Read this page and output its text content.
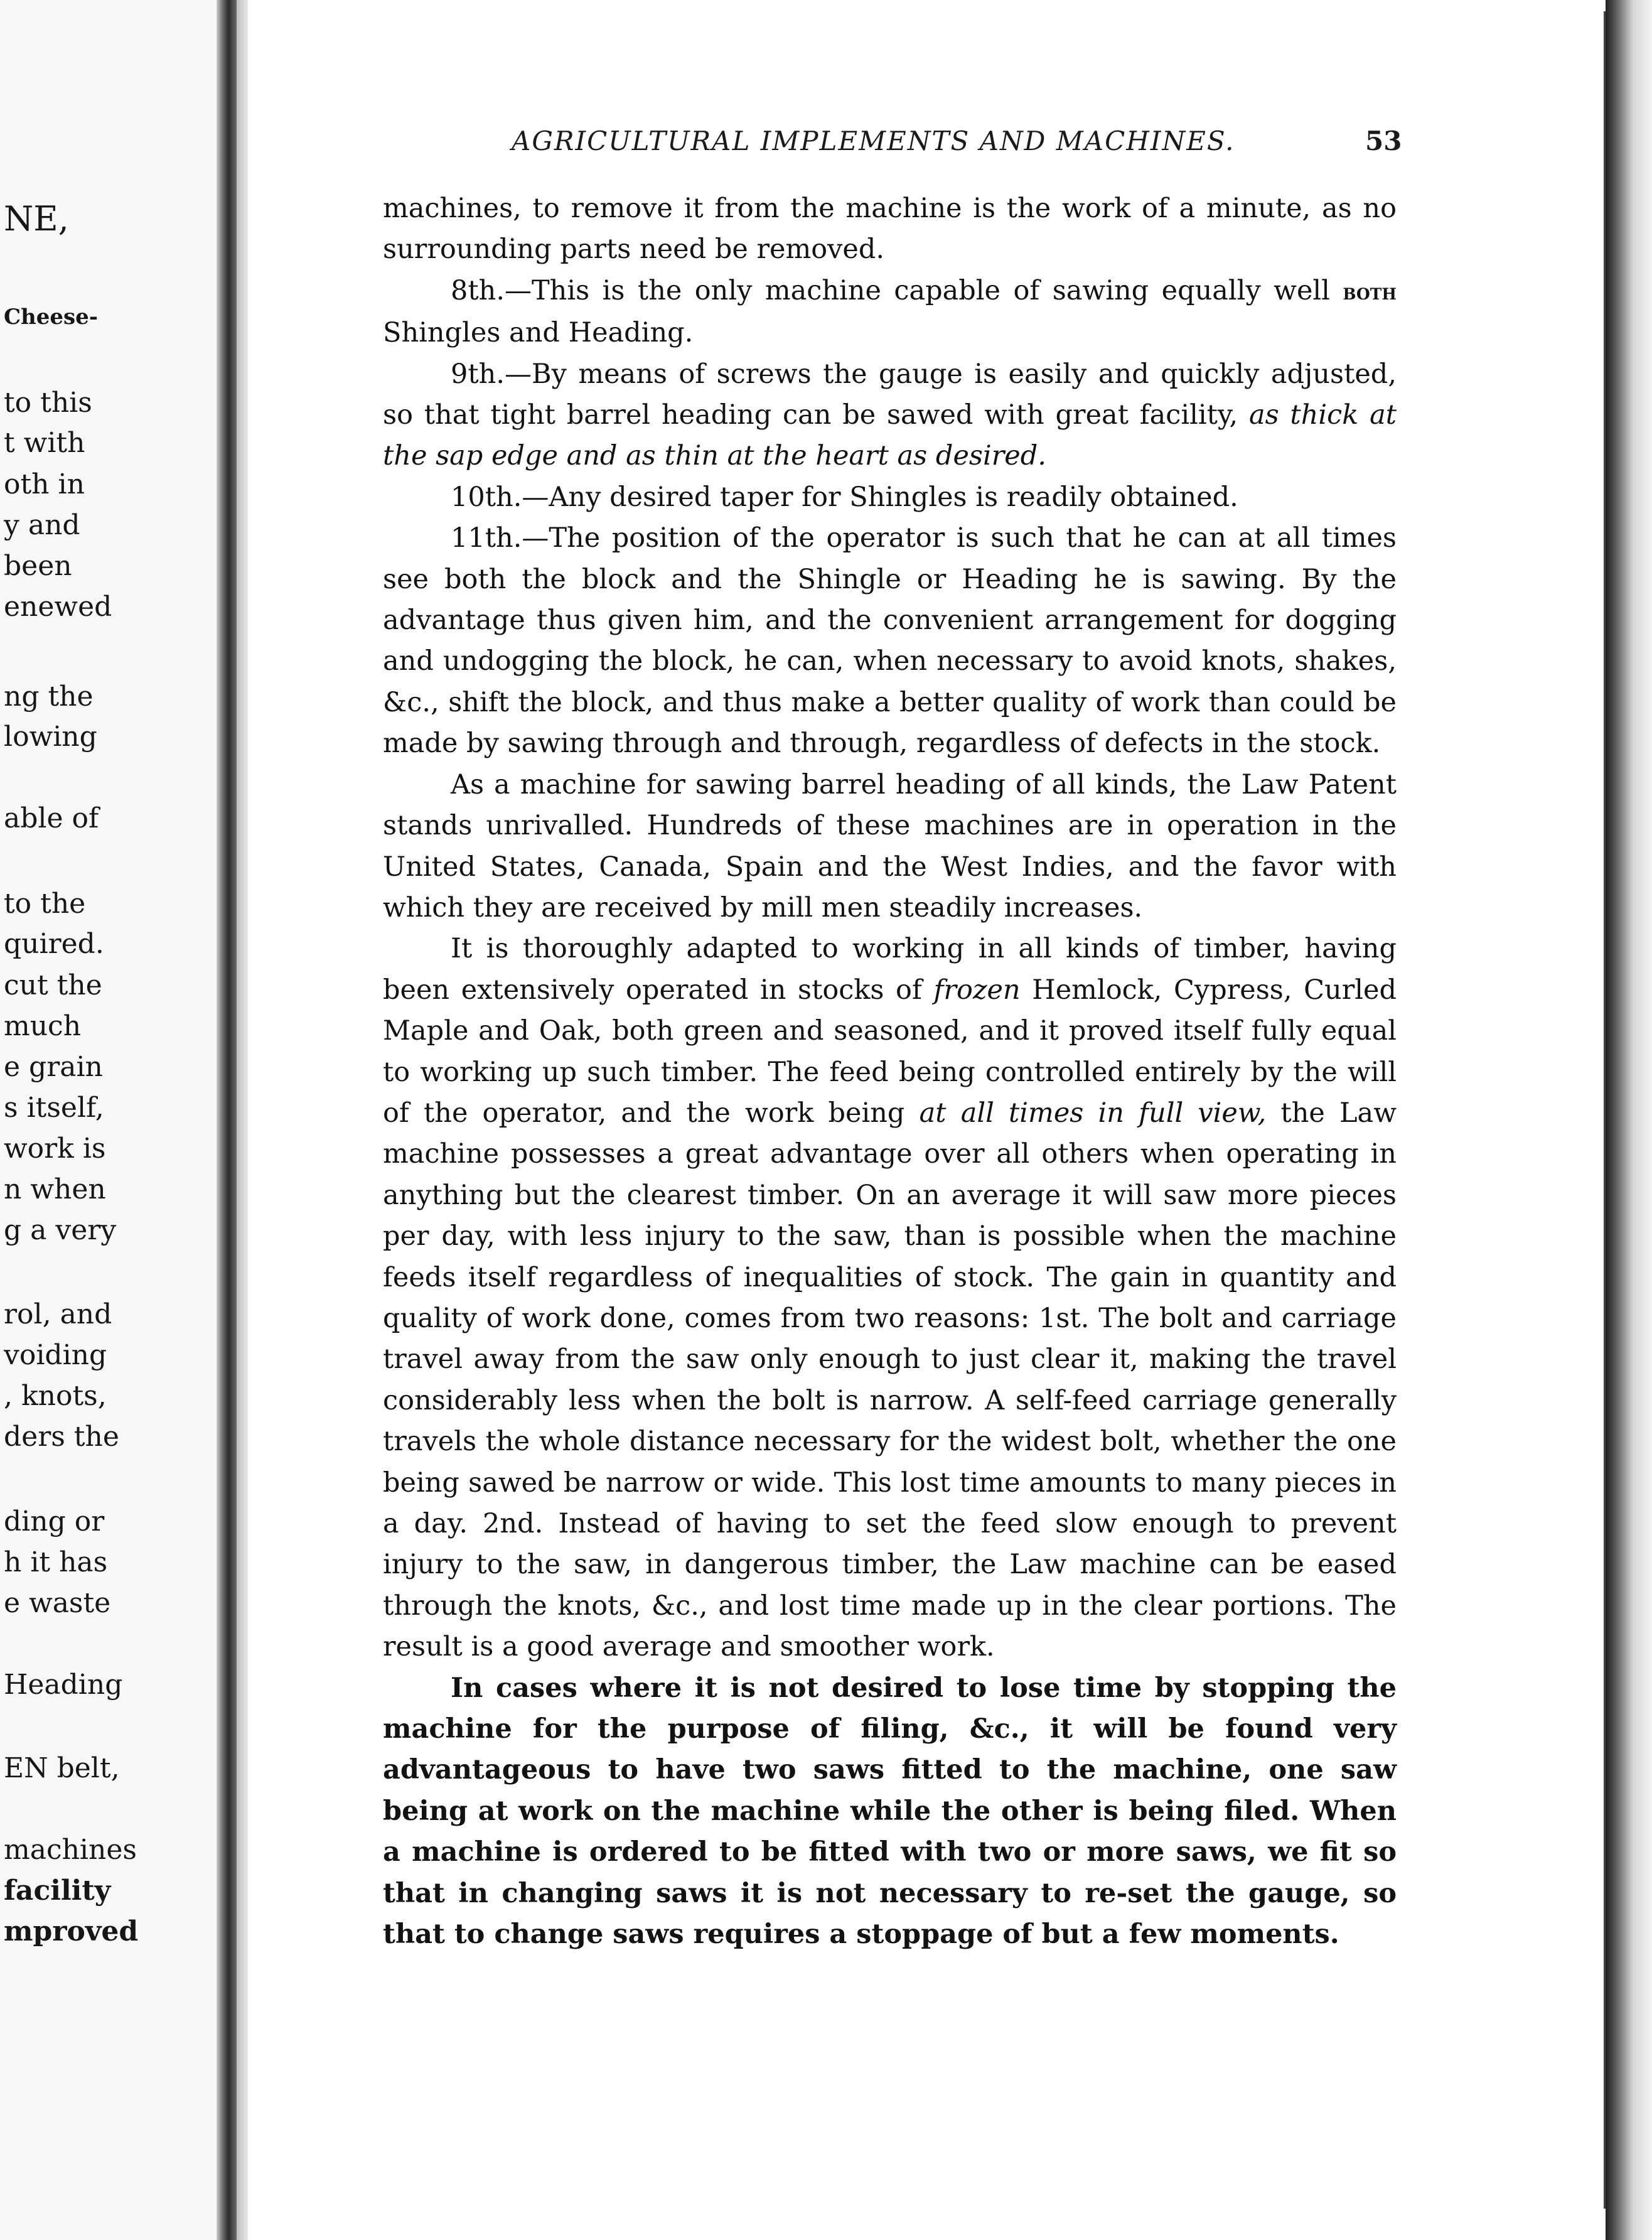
NE,

Cheese-

to this

t with

oth in

y and

been

enewed

ng the

lowing

able of

to the

quired.

cut the

much

e grain

s itself,

work is

n when

g a very

rol, and

voiding

, knots,

ders the

ding or

h it has

e waste

Heading

EN belt,

machines

facility

mproved

AGRICULTURAL IMPLEMENTS AND MACHINES.	53

machines, to remove it from the machine is the work of a minute, as no surrounding parts need be removed.

8th.—This is the only machine capable of sawing equally well both Shingles and Heading.

9th.—By means of screws the gauge is easily and quickly adjusted, so that tight barrel heading can be sawed with great facility, as thick at the sap edge and as thin at the heart as desired.

10th.—Any desired taper for Shingles is readily obtained.

11th.—The position of the operator is such that he can at all times see both the block and the Shingle or Heading he is sawing. By the advantage thus given him, and the convenient arrangement for dogging and undogging the block, he can, when necessary to avoid knots, shakes, &c., shift the block, and thus make a better quality of work than could be made by sawing through and through, regardless of defects in the stock.

As a machine for sawing barrel heading of all kinds, the Law Patent stands unrivalled. Hundreds of these machines are in operation in the United States, Canada, Spain and the West Indies, and the favor with which they are received by mill men steadily increases.

It is thoroughly adapted to working in all kinds of timber, having been extensively operated in stocks of frozen Hemlock, Cypress, Curled Maple and Oak, both green and seasoned, and it proved itself fully equal to working up such timber. The feed being controlled entirely by the will of the operator, and the work being at all times in full view, the Law machine possesses a great advantage over all others when operating in anything but the clearest timber. On an average it will saw more pieces per day, with less injury to the saw, than is possible when the machine feeds itself regardless of inequalities of stock. The gain in quantity and quality of work done, comes from two reasons: 1st. The bolt and carriage travel away from the saw only enough to just clear it, making the travel considerably less when the bolt is narrow. A self-feed carriage generally travels the whole distance necessary for the widest bolt, whether the one being sawed be narrow or wide. This lost time amounts to many pieces in a day. 2nd. Instead of having to set the feed slow enough to prevent injury to the saw, in dangerous timber, the Law machine can be eased through the knots, &c., and lost time made up in the clear portions. The result is a good average and smoother work.

In cases where it is not desired to lose time by stopping the machine for the purpose of filing, &c., it will be found very advantageous to have two saws fitted to the machine, one saw being at work on the machine while the other is being filed. When a machine is ordered to be fitted with two or more saws, we fit so that in changing saws it is not necessary to re-set the gauge, so that to change saws requires a stoppage of but a few moments.
